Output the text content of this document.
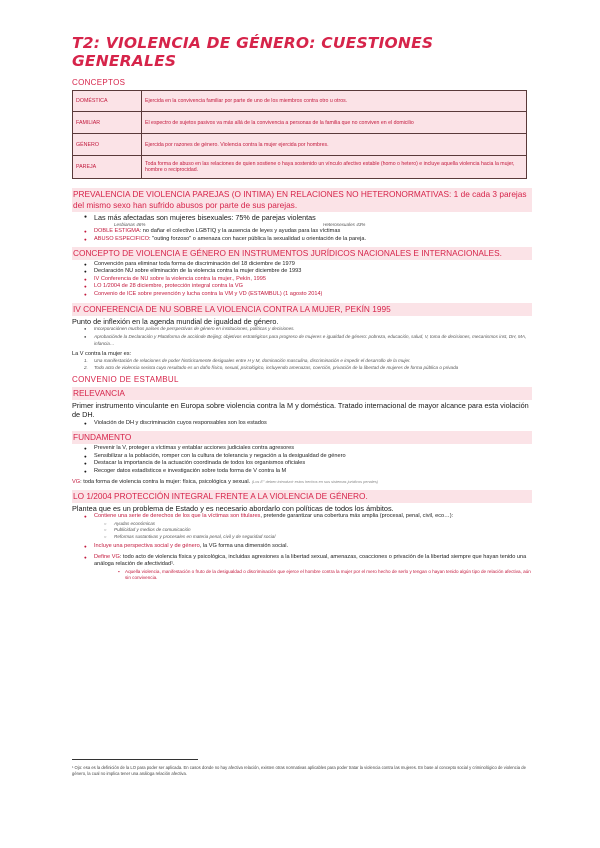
T2: VIOLENCIA DE GÉNERO: CUESTIONES GENERALES
CONCEPTOS
DOMÉSTICA	Ejercida en la convivencia familiar por parte de uno de los miembros contra otro u otros.
FAMILIAR	El espectro de sujetos pasivos va más allá de la convivencia a personas de la familia que no conviven en el domicilio
GÉNERO	Ejercida por razones de género. Violencia contra la mujer ejercida por hombres.
PAREJA	Toda forma de abuso en las relaciones de quien sostiene o haya sostenido un vínculo afectivo estable (homo o hetero) e incluye aquella violencia hacia la mujer, hombre o reciprocidad.
PREVALENCIA DE VIOLENCIA PAREJAS (O INTIMA) EN RELACIONES NO HETERONORMATIVAS: 1 de cada 3 parejas del mismo sexo han sufrido abusos por parte de sus parejas.
● Las más afectadas son mujeres bisexuales: 75% de parejas violentas
Lesbianas 46%	Heterosexuales 43%
● DOBLE ESTIGMA: no dañar el colectivo LGBTIQ y la ausencia de leyes y ayudas para las víctimas
● ABUSO ESPECIFICO: "outing forzoso" o amenaza con hacer pública la sexualidad u orientación de la pareja.
CONCEPTO DE VIOLENCIA E GÉNERO EN INSTRUMENTOS JURÍDICOS NACIONALES E INTERNACIONALES.
● Convención para eliminar toda forma de discriminación del 18 diciembre de 1979
● Declaración NU sobre eliminación de la violencia contra la mujer diciembre de 1993
● IV Conferencia de NU sobre la violencia contra la mujer., Pekín, 1995
● LO 1/2004 de 28 diciembre, protección integral contra la VG
● Convenio de ICE sobre prevención y lucha contra la VM y VD (ESTAMBUL) (1 agosto 2014)
IV CONFERENCIA DE NU SOBRE LA VIOLENCIA CONTRA LA MUJER, PEKÍN 1995
Punto de inflexión en la agenda mundial de igualdad de género.
● Incorporaciónen muchos países de perspectivas de género en instituciones, políticas y decisiones.
● Aprobaciónde la Declaración y Plataforma de acciónde Beijing: objetivos estratégicos para progreso de mujeres e igualdad de género: pobreza, educación, salud, V, toma de decisiones, mecanismos inst, DH, MA, infancia…
La V contra la mujer es:
1. Una manifestación de relaciones de poder históricamente desiguales entre H y M, dominación masculina, discriminación e impedir el desarrollo de la mujer.
2. Todo acto de violencia sexista cuyo resultado es un daño físico, sexual, psicológico, incluyendo amenazas, coerción, privación de la libertad de mujeres de forma pública o privada
CONVENIO DE ESTAMBUL
RELEVANCIA
Primer instrumento vinculante en Europa sobre violencia contra la M y doméstica. Tratado internacional de mayor alcance para esta violación de DH.
● Violación de DH y discriminación cuyos responsables son los estados
FUNDAMENTO
● Prevenir la V, proteger a víctimas y entablar acciones judiciales contra agresores
● Sensibilizar a la población, romper con la cultura de tolerancia y negación a la desigualdad de género
● Destacar la importancia de la actuación coordinada de todos los organismos oficiales
● Recoger datos estadísticos e investigación sobre toda forma de V contra la M
VG: toda forma de violencia contra la mujer: física, psicológica y sexual. (Los E° deben introducir estos hechos en sus sistemas jurídicos penales)
LO 1/2004 PROTECCIÓN INTEGRAL FRENTE A LA VIOLENCIA DE GÉNERO.
Plantea que es un problema de Estado y es necesario abordarlo con políticas de todos los ámbitos.
● Contiene una serie de derechos de los que la víctimas son titulares, pretende garantizar una cobertura más amplia (procesal, penal, civil, eco…):
○ Ayudas económicas
○ Publicidad y medios de comunicación
○ Reformas sustantivas y procesales en materia penal, civil y de seguridad social
● Incluye una perspectiva social y de género, la VG forma una dimensión social.
● Define VG: todo acto de violencia física y psicológica, incluidas agresiones a la libertad sexual, amenazas, coacciones o privación de la libertad siempre que hayan tenido una análoga relación de afectividad¹.
▪ Aquella violencia, manifestación o fruto de la desigualdad o discriminación que ejerce el hombre contra la mujer por el mero hecho de serlo y tengan o hayan tenido algún tipo de relación afectiva, aún sin convivencia.
¹ Ojo: esa es la definición de la LO para poder ser aplicada. En casos donde no hay afectiva relación, existen otras normativas aplicables para poder tratar la violencia contra las mujeres. En base al concepto social y criminológico de violencia de género, la cual no implica tener una análoga relación afectiva.
